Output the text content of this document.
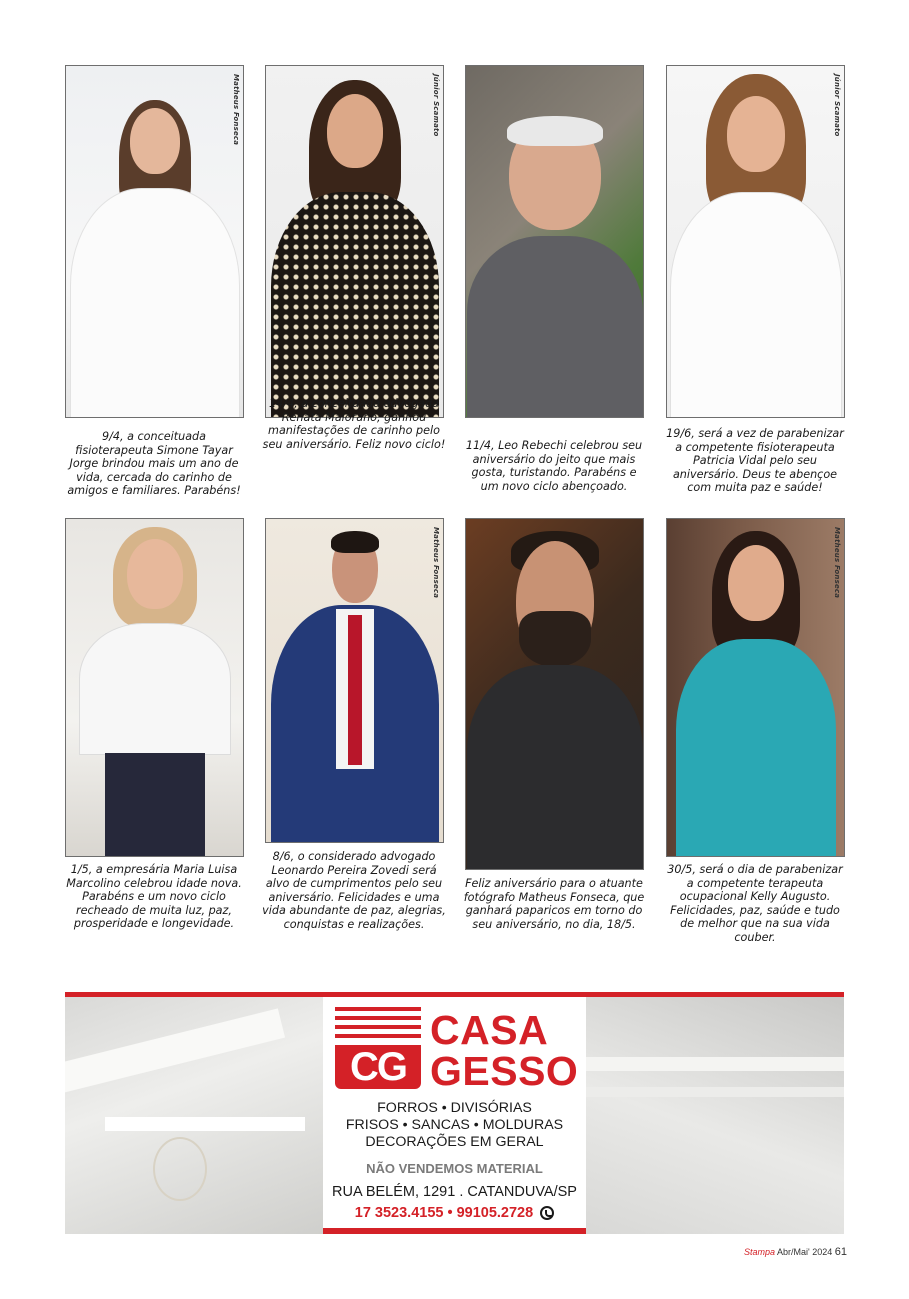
Matheus Fonseca	Júnior Scamato	Júnior Scamato
9/4, a conceituada fisioterapeuta Simone Tayar Jorge brindou mais um ano de vida, cercada do carinho de amigos e familiares. Parabéns!
14/4, a conceituada advogada Renata Maiorano, ganhou manifestações de carinho pelo seu aniversário. Feliz novo ciclo!	11/4, Leo Rebechi celebrou seu aniversário do jeito que mais gosta, turistando. Parabéns e um novo ciclo abençoado.
19/6, será a vez de parabenizar a competente fisioterapeuta Patricia Vidal pelo seu aniversário. Deus te abençoe com muita paz e saúde!
Matheus Fonseca	Matheus Fonseca
1/5, a empresária Maria Luisa Marcolino celebrou idade nova. Parabéns e um novo ciclo recheado de muita luz, paz, prosperidade e longevidade.
8/6, o considerado advogado Leonardo Pereira Zovedi será alvo de cumprimentos pelo seu aniversário. Felicidades e uma vida abundante de paz, alegrias, conquistas e realizações.
Feliz aniversário para o atuante fotógrafo Matheus Fonseca, que ganhará paparicos em torno do seu aniversário, no dia, 18/5.
30/5, será o dia de parabenizar a competente terapeuta ocupacional Kelly Augusto. Felicidades, paz, saúde e tudo de melhor que na sua vida couber.
CG
CASA
GESSO
FORROS • DIVISÓRIAS
FRISOS • SANCAS • MOLDURAS
DECORAÇÕES EM GERAL
NÃO VENDEMOS MATERIAL
RUA BELÉM, 1291 . CATANDUVA/SP
17 3523.4155 • 99105.2728
Stampa Abr/Mai' 2024 61
